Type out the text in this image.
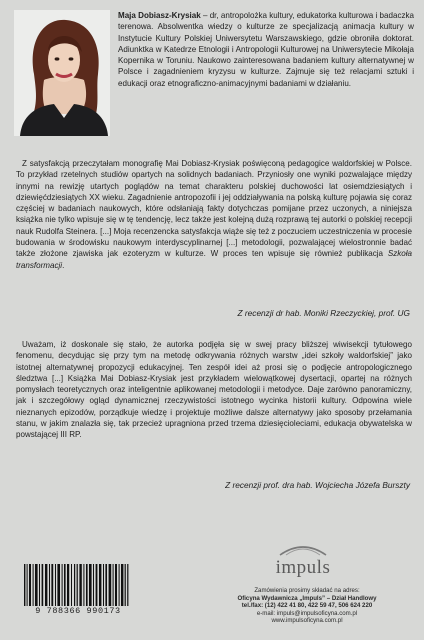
Maja Dobiasz-Krysiak – dr, antropolożka kultury, edukatorka kulturowa i badaczka terenowa. Absolwentka wiedzy o kulturze ze specjalizacją animacja kultury w Instytucie Kultury Polskiej Uniwersytetu Warszawskiego, gdzie obroniła doktorat. Adiunktka w Katedrze Etnologii i Antropologii Kulturowej na Uniwersytecie Mikołaja Kopernika w Toruniu. Naukowo zainteresowana badaniem kultury alternatywnej w Polsce i zagadnieniem kryzysu w kulturze. Zajmuje się też relacjami sztuki i edukacji oraz etnograficzno-animacyjnymi badaniami w działaniu.

Z satysfakcją przeczytałam monografię Mai Dobiasz-Krysiak poświęconą pedagogice waldorfskiej w Polsce. To przykład rzetelnych studiów opartych na solidnych badaniach. Przyniosły one wyniki pozwalające między innymi na rewizję utartych poglądów na temat charakteru polskiej duchowości lat osiemdziesiątych i dziewięćdziesiątych XX wieku. Zagadnienie antropozofii i jej oddziaływania na polską kulturę pojawia się coraz częściej w badaniach naukowych, które odsłaniają fakty dotychczas pomijane przez uczonych, a niniejsza książka nie tylko wpisuje się w tę tendencję, lecz także jest kolejną dużą rozprawą tej autorki o polskiej recepcji nauk Rudolfa Steinera. [...] Moja recenzencka satysfakcja wiąże się też z poczuciem uczestniczenia w procesie budowania w środowisku naukowym interdyscyplinarnej [...] metodologii, pozwalającej wielostronnie badać także złożone zjawiska jak ezoteryzm w kulturze. W proces ten wpisuje się również publikacja Szkoła transformacji.

Z recenzji dr hab. Moniki Rzeczyckiej, prof. UG

Uważam, iż doskonale się stało, że autorka podjęła się w swej pracy bliższej wiwisekcji tytułowego fenomenu, decydując się przy tym na metodę odkrywania różnych warstw „idei szkoły waldorfskiej” jako istotnej alternatywnej propozycji edukacyjnej. Ten zespół idei aż prosi się o podjęcie antropologicznego śledztwa [...] Książka Mai Dobiasz-Krysiak jest przykładem wielowątkowej dysertacji, opartej na różnych pomysłach teoretycznych oraz inteligentnie aplikowanej metodologii i metodyce. Daje zarówno panoramiczny, jak i szczegółowy ogląd dynamicznej rzeczywistości istotnego wycinka historii kultury. Odpowina wiele nieznanych epizodów, porządkuje wiedzę i projektuje możliwe dalsze alternatywy jako sposoby przełamania stanu, w jakim znalazła się, tak przecież upragniona przed trzema dziesięcioleciami, edukacja obywatelska w powstającej III RP.

Z recenzji prof. dra hab. Wojciecha Józefa Burszty
9 788366 990173
impuls
Zamówienia prosimy składać na adres:
Oficyna Wydawnicza „Impuls” – Dział Handlowy
tel./fax: (12) 422 41 80, 422 59 47, 506 624 220
e-mail: impuls@impulsoficyna.com.pl
www.impulsoficyna.com.pl
